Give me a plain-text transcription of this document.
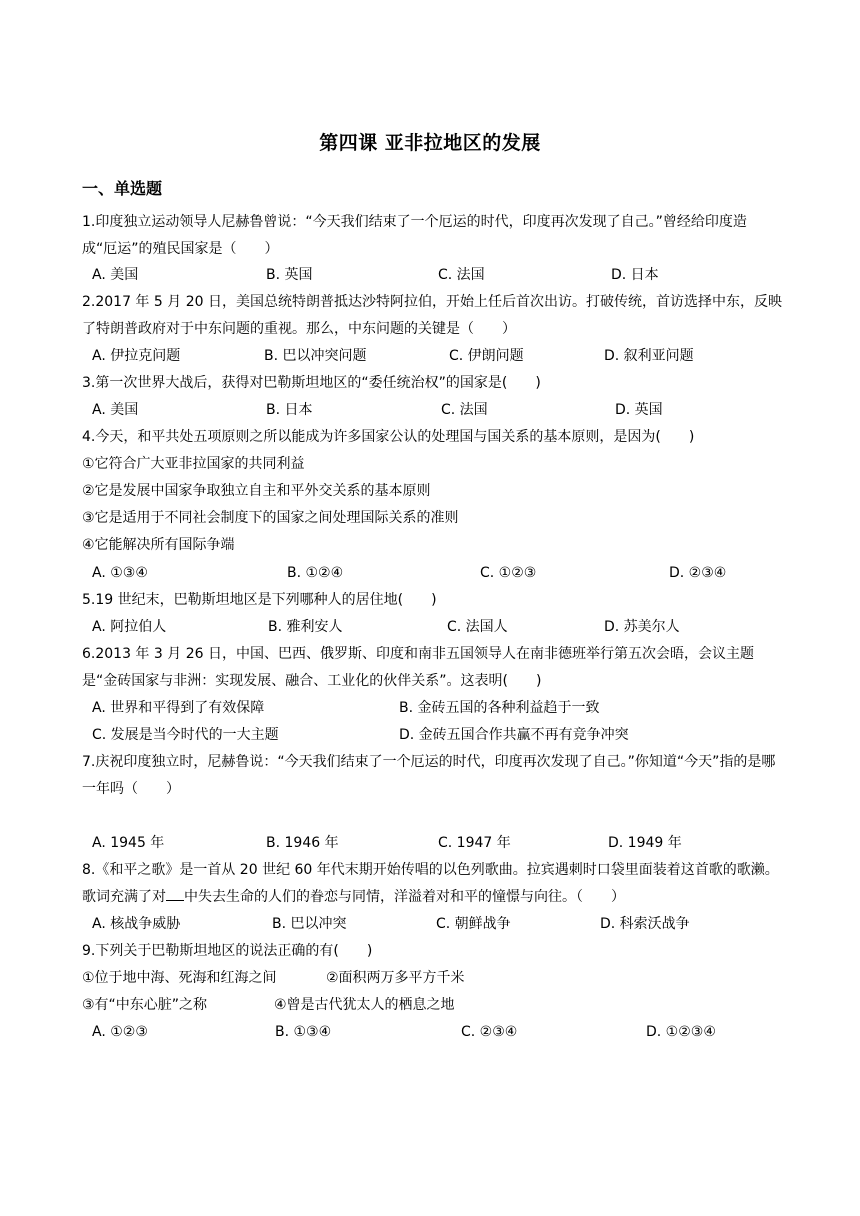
第四课 亚非拉地区的发展
一、单选题
1.印度独立运动领导人尼赫鲁曾说：“今天我们结束了一个厄运的时代，印度再次发现了自己。”曾经给印度造成“厄运”的殖民国家是（　　）
A. 美国	B. 英国	C. 法国	D. 日本
2.2017 年 5 月 20 日，美国总统特朗普抵达沙特阿拉伯，开始上任后首次出访。打破传统，首访选择中东，反映了特朗普政府对于中东问题的重视。那么，中东问题的关键是（　　）
A. 伊拉克问题	B. 巴以冲突问题	C. 伊朗问题	D. 叙利亚问题
3.第一次世界大战后，获得对巴勒斯坦地区的“委任统治权”的国家是(　　)
A. 美国	B. 日本	C. 法国	D. 英国
4.今天，和平共处五项原则之所以能成为许多国家公认的处理国与国关系的基本原则，是因为(　　)
①它符合广大亚非拉国家的共同利益
②它是发展中国家争取独立自主和平外交关系的基本原则
③它是适用于不同社会制度下的国家之间处理国际关系的准则
④它能解决所有国际争端
A. ①③④	B. ①②④	C. ①②③	D. ②③④
5.19 世纪末，巴勒斯坦地区是下列哪种人的居住地(　　)
A. 阿拉伯人	B. 雅利安人	C. 法国人	D. 苏美尔人
6.2013 年 3 月 26 日，中国、巴西、俄罗斯、印度和南非五国领导人在南非德班举行第五次会晤，会议主题是“金砖国家与非洲：实现发展、融合、工业化的伙伴关系”。这表明(　　)
A. 世界和平得到了有效保障	B. 金砖五国的各种利益趋于一致
C. 发展是当今时代的一大主题	D. 金砖五国合作共赢不再有竞争冲突
7.庆祝印度独立时，尼赫鲁说：“今天我们结束了一个厄运的时代，印度再次发现了自己。”你知道“今天”指的是哪一年吗（　　）
A. 1945 年	B. 1946 年	C. 1947 年	D. 1949 年
8.《和平之歌》是一首从 20 世纪 60 年代末期开始传唱的以色列歌曲。拉宾遇刺时口袋里面装着这首歌的歌濑。歌词充满了对 中失去生命的人们的眷恋与同情，洋溢着对和平的憧憬与向往。（　　）
A. 核战争威胁	B. 巴以冲突	C. 朝鲜战争	D. 科索沃战争
9.下列关于巴勒斯坦地区的说法正确的有(　　)
①位于地中海、死海和红海之间	②面积两万多平方千米
③有“中东心脏”之称	④曾是古代犹太人的栖息之地
A. ①②③	B. ①③④	C. ②③④	D. ①②③④
